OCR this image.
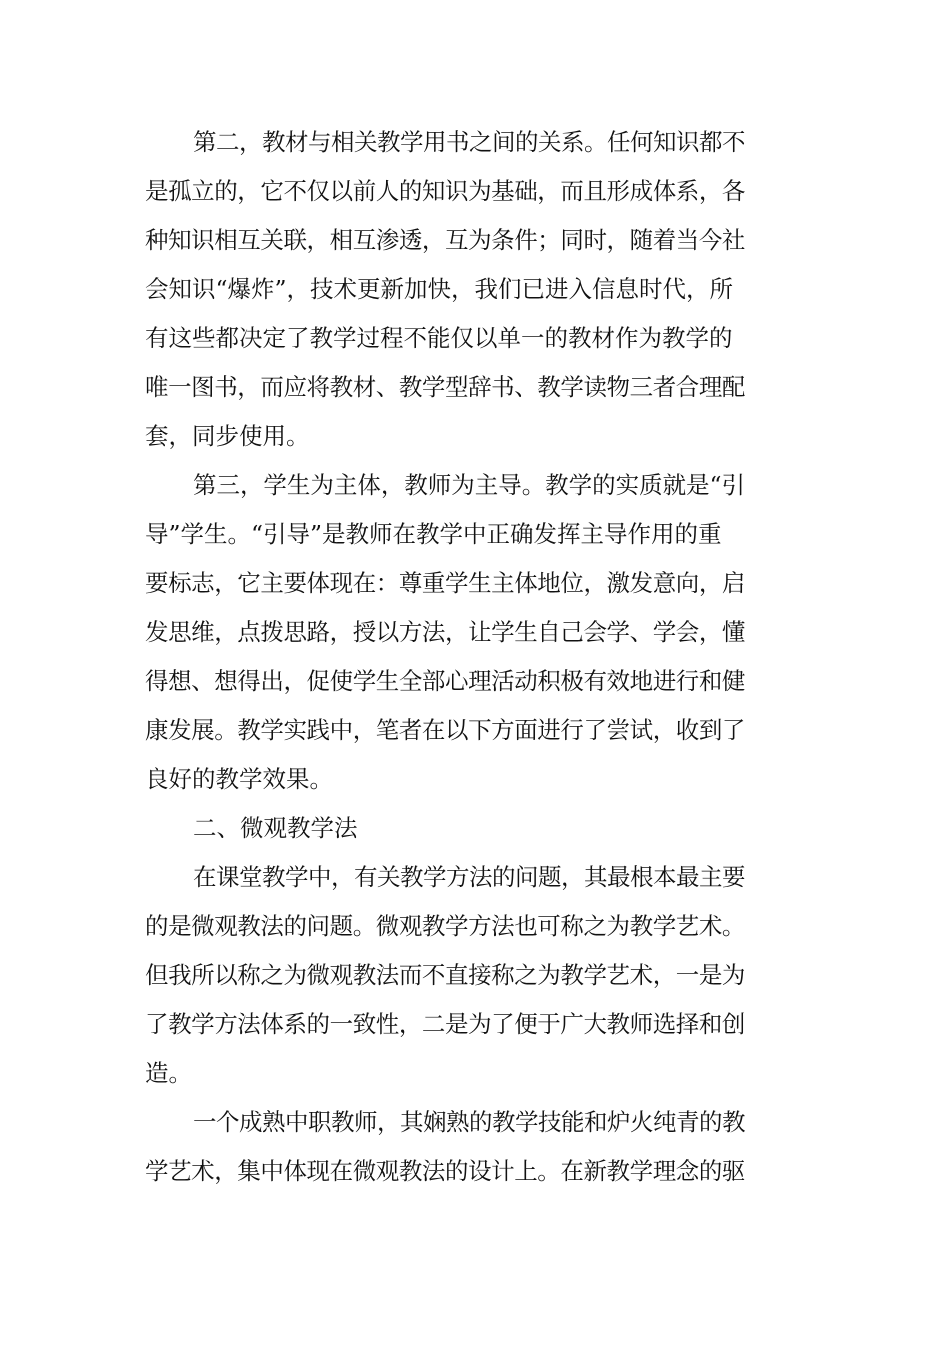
第二，教材与相关教学用书之间的关系。任何知识都不
是孤立的，它不仅以前人的知识为基础，而且形成体系，各
种知识相互关联，相互渗透，互为条件；同时，随着当今社
会知识“爆炸”，技术更新加快，我们已进入信息时代，所
有这些都决定了教学过程不能仅以单一的教材作为教学的
唯一图书，而应将教材、教学型辞书、教学读物三者合理配
套，同步使用。
第三，学生为主体，教师为主导。教学的实质就是“引
导”学生。“引导”是教师在教学中正确发挥主导作用的重
要标志，它主要体现在：尊重学生主体地位，激发意向，启
发思维，点拨思路，授以方法，让学生自己会学、学会，懂
得想、想得出，促使学生全部心理活动积极有效地进行和健
康发展。教学实践中，笔者在以下方面进行了尝试，收到了
良好的教学效果。
二、微观教学法
在课堂教学中，有关教学方法的问题，其最根本最主要
的是微观教法的问题。微观教学方法也可称之为教学艺术。
但我所以称之为微观教法而不直接称之为教学艺术，一是为
了教学方法体系的一致性，二是为了便于广大教师选择和创
造。
一个成熟中职教师，其娴熟的教学技能和炉火纯青的教
学艺术，集中体现在微观教法的设计上。在新教学理念的驱
